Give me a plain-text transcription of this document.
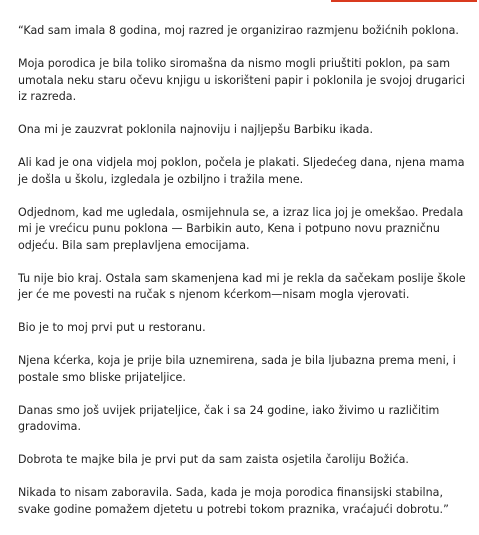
“Kad sam imala 8 godina, moj razred je organizirao razmjenu božićnih poklona.

Moja porodica je bila toliko siromašna da nismo mogli priuštiti poklon, pa sam umotala neku staru očevu knjigu u iskorišteni papir i poklonila je svojoj drugarici iz razreda.

Ona mi je zauzvrat poklonila najnoviju i najljepšu Barbiku ikada.

Ali kad je ona vidjela moj poklon, počela je plakati. Sljedećeg dana, njena mama je došla u školu, izgledala je ozbiljno i tražila mene.

Odjednom, kad me ugledala, osmijehnula se, a izraz lica joj je omekšao. Predala mi je vrećicu punu poklona — Barbikin auto, Kena i potpuno novu prazničnu odjeću. Bila sam preplavljena emocijama.

Tu nije bio kraj. Ostala sam skamenjena kad mi je rekla da sačekam poslije škole jer će me povesti na ručak s njenom kćerkom—nisam mogla vjerovati.

Bio je to moj prvi put u restoranu.

Njena kćerka, koja je prije bila uznemirena, sada je bila ljubazna prema meni, i postale smo bliske prijateljice.

Danas smo još uvijek prijateljice, čak i sa 24 godine, iako živimo u različitim gradovima.

Dobrota te majke bila je prvi put da sam zaista osjetila čaroliju Božića.

Nikada to nisam zaboravila. Sada, kada je moja porodica finansijski stabilna, svake godine pomažem djetetu u potrebi tokom praznika, vraćajući dobrotu.”
